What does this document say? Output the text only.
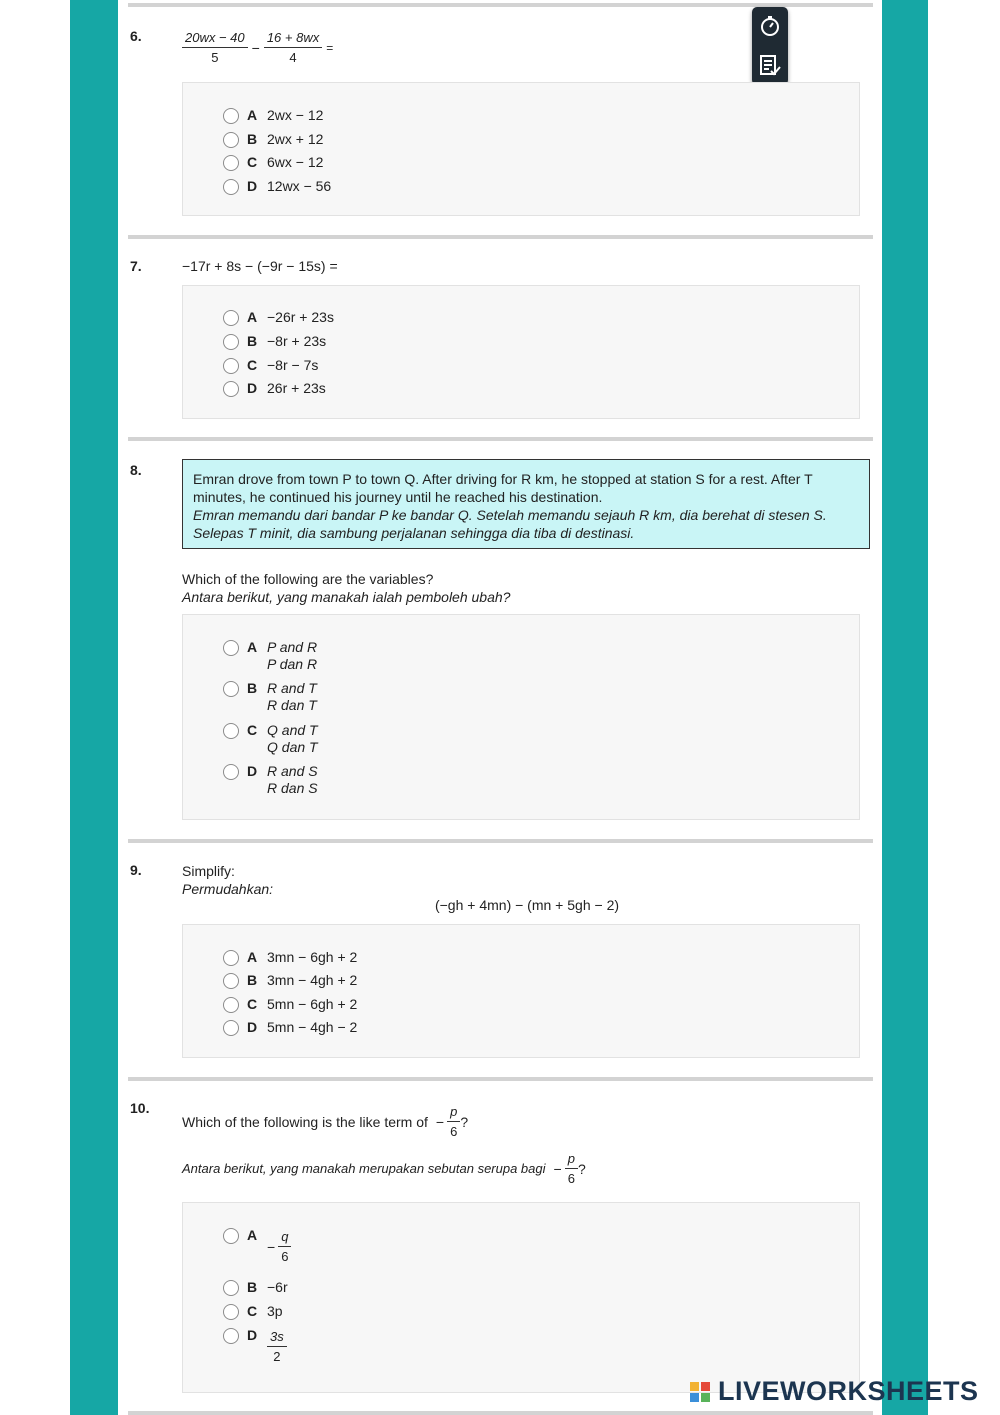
6.	$\frac{20wx - 40}{5} - \frac{16 + 8wx}{4}$ =
A 2wx − 12
B 2wx + 12
C 6wx − 12
D 12wx − 56
7.	−17r + 8s − (−9r − 15s) =
A −26r + 23s
B −8r + 23s
C −8r − 7s
D 26r + 23s
8.
Emran drove from town P to town Q. After driving for R km, he stopped at station S for a rest. After T minutes, he continued his journey until he reached his destination.
Emran memandu dari bandar P ke bandar Q. Setelah memandu sejauh R km, dia berehat di stesen S. Selepas T minit, dia sambung perjalanan sehingga dia tiba di destinasi.
Which of the following are the variables?
Antara berikut, yang manakah ialah pemboleh ubah?
A P and R
P dan R
B R and T
R dan T
C Q and T
Q dan T
D R and S
R dan S
9.	Simplify:
Permudahkan:
(−gh + 4mn) − (mn + 5gh − 2)
A 3mn − 6gh + 2
B 3mn − 4gh + 2
C 5mn − 6gh + 2
D 5mn − 4gh − 2
10.
Which of the following is the like term of − $\frac{p}{6}$ ?
Antara berikut, yang manakah merupakan sebutan serupa bagi − $\frac{p}{6}$ ?
A
− $\frac{q}{6}$
B −6r
C 3p
D $\frac{3s}{2}$
LIVEWORKSHEETS
